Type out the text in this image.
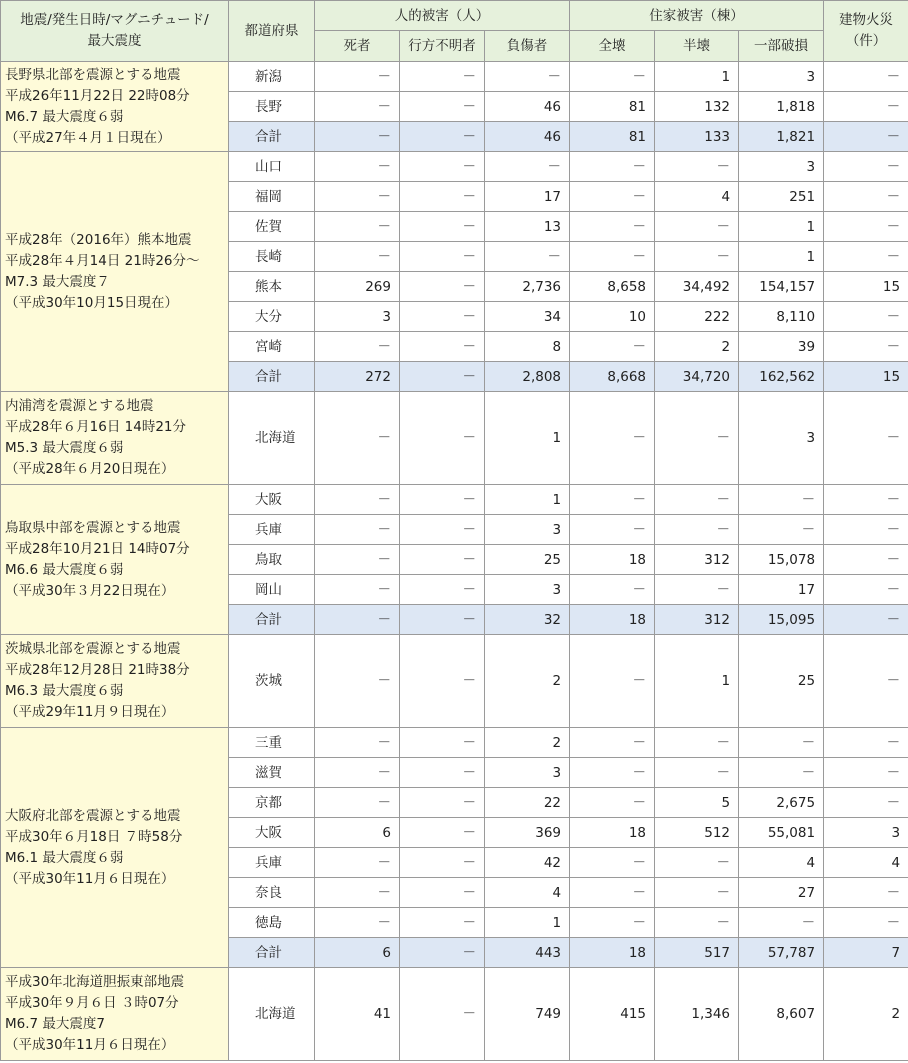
地震/発生日時/マグニチュード/
最大震度	都道府県	人的被害（人）			住家被害（棟）			建物火災
（件）
		死者	行方不明者	負傷者	全壊	半壊	一部破損	

長野県北部を震源とする地震
平成26年11月22日 22時08分
M6.7 最大震度６弱
（平成27年４月１日現在）	新潟	－	－	－	－	1	3	－
	長野	－	－	46	81	132	1,818	－
	合計	－	－	46	81	133	1,821	－

平成28年（2016年）熊本地震
平成28年４月14日 21時26分～
M7.3 最大震度７
（平成30年10月15日現在）	山口	－	－	－	－	－	3	－
	福岡	－	－	17	－	4	251	－
	佐賀	－	－	13	－	－	1	－
	長崎	－	－	－	－	－	1	－
	熊本	269	－	2,736	8,658	34,492	154,157	15
	大分	3	－	34	10	222	8,110	－
	宮崎	－	－	8	－	2	39	－
	合計	272	－	2,808	8,668	34,720	162,562	15

内浦湾を震源とする地震
平成28年６月16日 14時21分
M5.3 最大震度６弱
（平成28年６月20日現在）	北海道	－	－	1	－	－	3	－

鳥取県中部を震源とする地震
平成28年10月21日 14時07分
M6.6 最大震度６弱
（平成30年３月22日現在）	大阪	－	－	1	－	－	－	－
	兵庫	－	－	3	－	－	－	－
	鳥取	－	－	25	18	312	15,078	－
	岡山	－	－	3	－	－	17	－
	合計	－	－	32	18	312	15,095	－

茨城県北部を震源とする地震
平成28年12月28日 21時38分
M6.3 最大震度６弱
（平成29年11月９日現在）	茨城	－	－	2	－	1	25	－

大阪府北部を震源とする地震
平成30年６月18日 ７時58分
M6.1 最大震度６弱
（平成30年11月６日現在）	三重	－	－	2	－	－	－	－
	滋賀	－	－	3	－	－	－	－
	京都	－	－	22	－	5	2,675	－
	大阪	6	－	369	18	512	55,081	3
	兵庫	－	－	42	－	－	4	4
	奈良	－	－	4	－	－	27	－
	徳島	－	－	1	－	－	－	－
	合計	6	－	443	18	517	57,787	7

平成30年北海道胆振東部地震
平成30年９月６日 ３時07分
M6.7 最大震度7
（平成30年11月６日現在）	北海道	41	－	749	415	1,346	8,607	2
